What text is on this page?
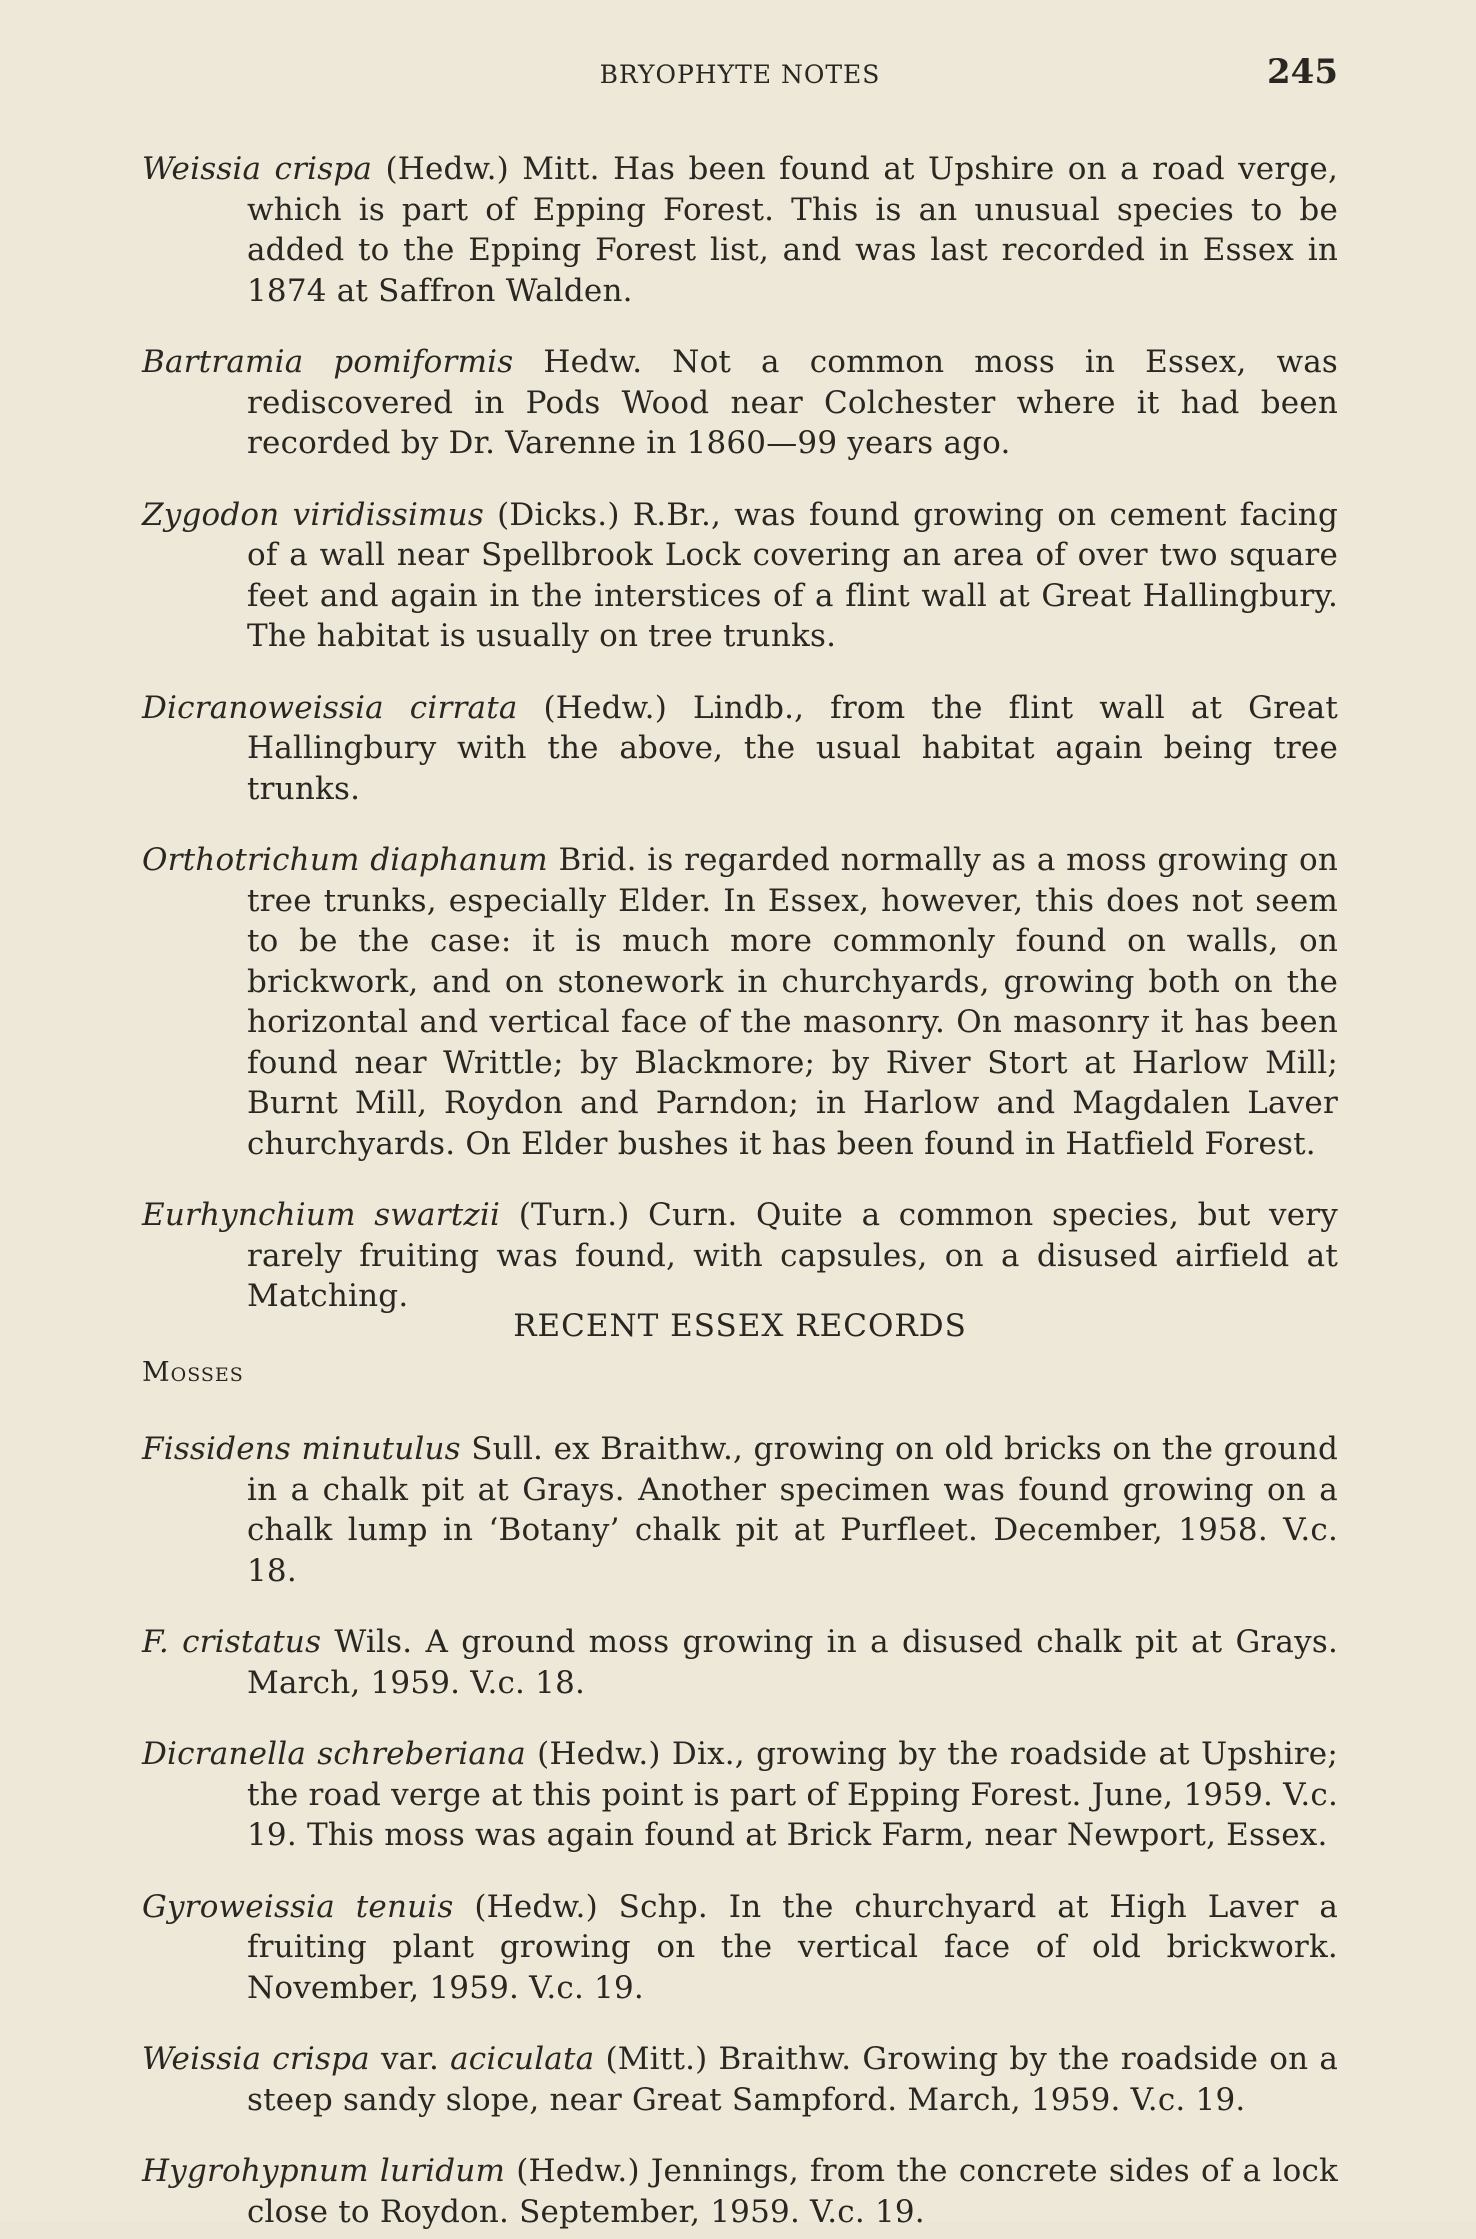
BRYOPHYTE NOTES	245

Weissia crispa (Hedw.) Mitt. Has been found at Upshire on a road verge, which is part of Epping Forest. This is an unusual species to be added to the Epping Forest list, and was last recorded in Essex in 1874 at Saffron Walden.

Bartramia pomiformis Hedw. Not a common moss in Essex, was rediscovered in Pods Wood near Colchester where it had been recorded by Dr. Varenne in 1860—99 years ago.

Zygodon viridissimus (Dicks.) R.Br., was found growing on cement facing of a wall near Spellbrook Lock covering an area of over two square feet and again in the interstices of a flint wall at Great Hallingbury. The habitat is usually on tree trunks.

Dicranoweissia cirrata (Hedw.) Lindb., from the flint wall at Great Hallingbury with the above, the usual habitat again being tree trunks.

Orthotrichum diaphanum Brid. is regarded normally as a moss growing on tree trunks, especially Elder. In Essex, however, this does not seem to be the case: it is much more commonly found on walls, on brickwork, and on stonework in churchyards, growing both on the horizontal and vertical face of the masonry. On masonry it has been found near Writtle; by Blackmore; by River Stort at Harlow Mill; Burnt Mill, Roydon and Parndon; in Harlow and Magdalen Laver churchyards. On Elder bushes it has been found in Hatfield Forest.

Eurhynchium swartzii (Turn.) Curn. Quite a common species, but very rarely fruiting was found, with capsules, on a disused airfield at Matching.

RECENT ESSEX RECORDS
Mosses

Fissidens minutulus Sull. ex Braithw., growing on old bricks on the ground in a chalk pit at Grays. Another specimen was found growing on a chalk lump in ‘Botany’ chalk pit at Purfleet. December, 1958. V.c. 18.

F. cristatus Wils. A ground moss growing in a disused chalk pit at Grays. March, 1959. V.c. 18.

Dicranella schreberiana (Hedw.) Dix., growing by the roadside at Upshire; the road verge at this point is part of Epping Forest. June, 1959. V.c. 19. This moss was again found at Brick Farm, near Newport, Essex.

Gyroweissia tenuis (Hedw.) Schp. In the churchyard at High Laver a fruiting plant growing on the vertical face of old brickwork. November, 1959. V.c. 19.

Weissia crispa var. aciculata (Mitt.) Braithw. Growing by the roadside on a steep sandy slope, near Great Sampford. March, 1959. V.c. 19.

Hygrohypnum luridum (Hedw.) Jennings, from the concrete sides of a lock close to Roydon. September, 1959. V.c. 19.
